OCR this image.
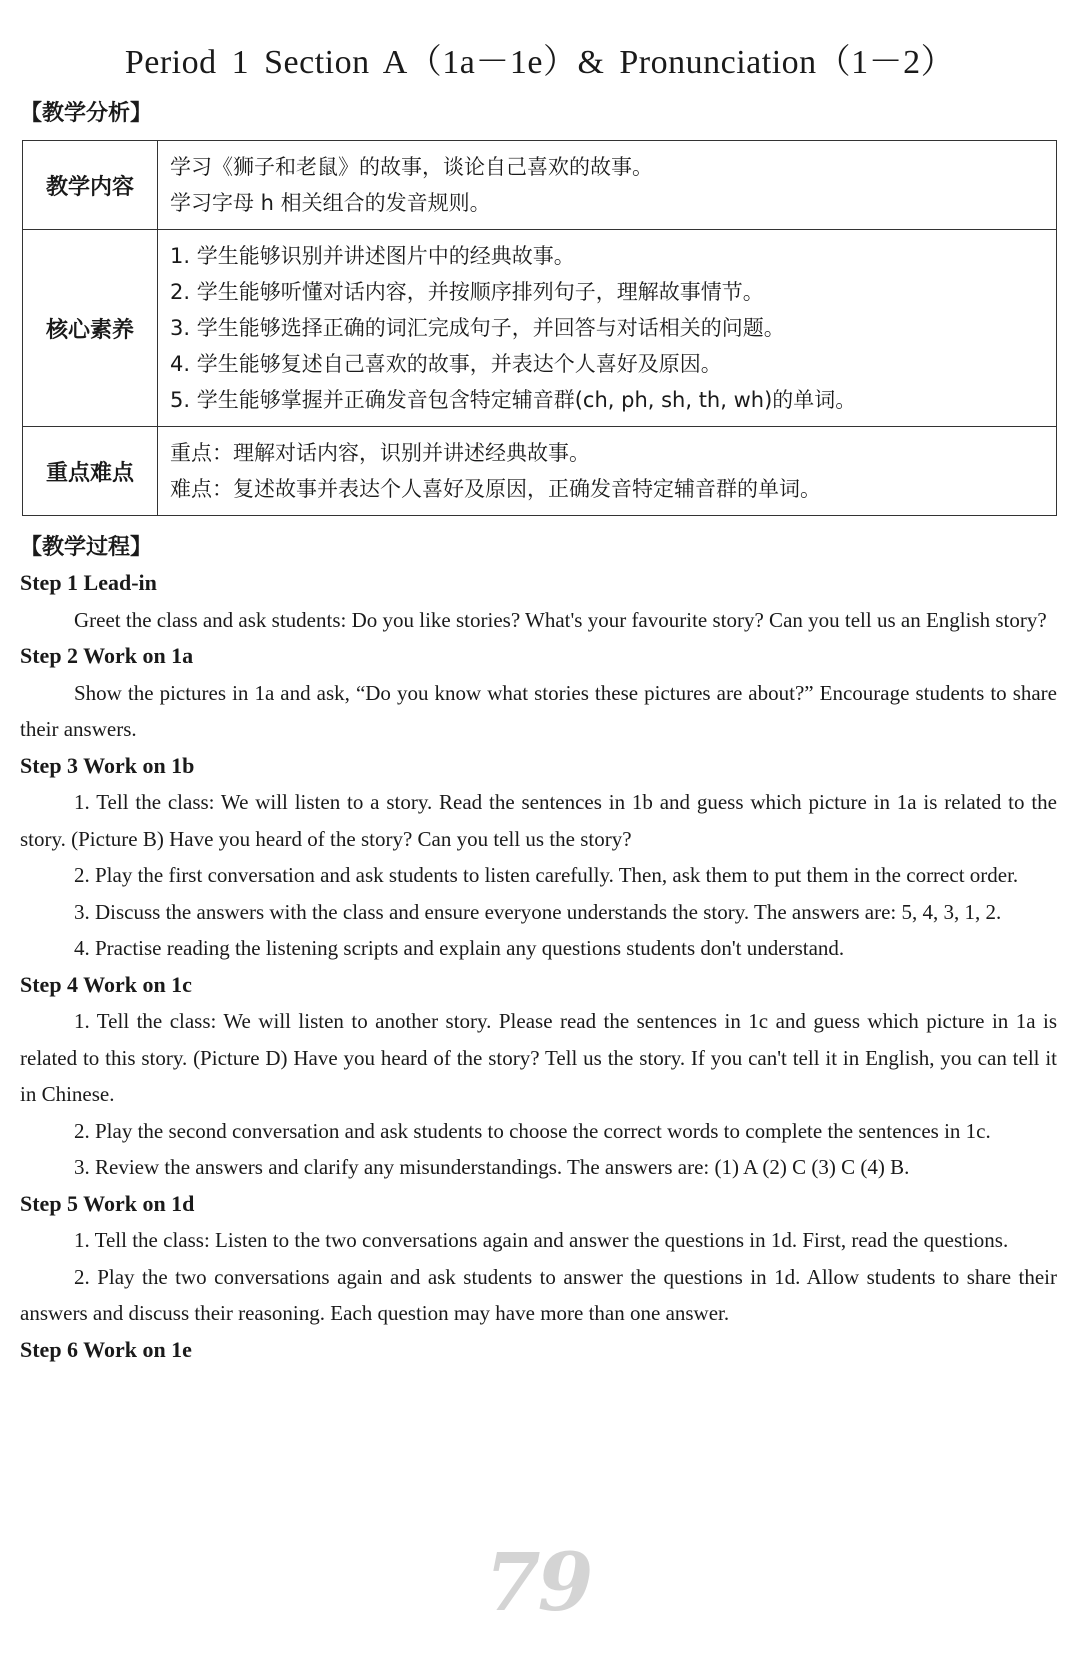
Period 1 Section A（1a－1e）& Pronunciation（1－2）
【教学分析】
教学内容	学习《狮子和老鼠》的故事，谈论自己喜欢的故事。
学习字母 h 相关组合的发音规则。

核心素养	1. 学生能够识别并讲述图片中的经典故事。
2. 学生能够听懂对话内容，并按顺序排列句子，理解故事情节。
3. 学生能够选择正确的词汇完成句子，并回答与对话相关的问题。
4. 学生能够复述自己喜欢的故事，并表达个人喜好及原因。
5. 学生能够掌握并正确发音包含特定辅音群(ch, ph, sh, th, wh)的单词。

重点难点	重点：理解对话内容，识别并讲述经典故事。
难点：复述故事并表达个人喜好及原因，正确发音特定辅音群的单词。
【教学过程】

Step 1 Lead-in

Greet the class and ask students: Do you like stories? What's your favourite story? Can you tell us an English story?

Step 2 Work on 1a

Show the pictures in 1a and ask, “Do you know what stories these pictures are about?” Encourage students to share their answers.

Step 3 Work on 1b

1. Tell the class: We will listen to a story. Read the sentences in 1b and guess which picture in 1a is related to the story. (Picture B) Have you heard of the story? Can you tell us the story?

2. Play the first conversation and ask students to listen carefully. Then, ask them to put them in the correct order.

3. Discuss the answers with the class and ensure everyone understands the story. The answers are: 5, 4, 3, 1, 2.

4. Practise reading the listening scripts and explain any questions students don't understand.

Step 4 Work on 1c

1. Tell the class: We will listen to another story. Please read the sentences in 1c and guess which picture in 1a is related to this story. (Picture D) Have you heard of the story? Tell us the story. If you can't tell it in English, you can tell it in Chinese.

2. Play the second conversation and ask students to choose the correct words to complete the sentences in 1c.

3. Review the answers and clarify any misunderstandings. The answers are: (1) A (2) C (3) C (4) B.

Step 5 Work on 1d

1. Tell the class: Listen to the two conversations again and answer the questions in 1d. First, read the questions.

2. Play the two conversations again and ask students to answer the questions in 1d. Allow students to share their answers and discuss their reasoning. Each question may have more than one answer.

Step 6 Work on 1e

79
